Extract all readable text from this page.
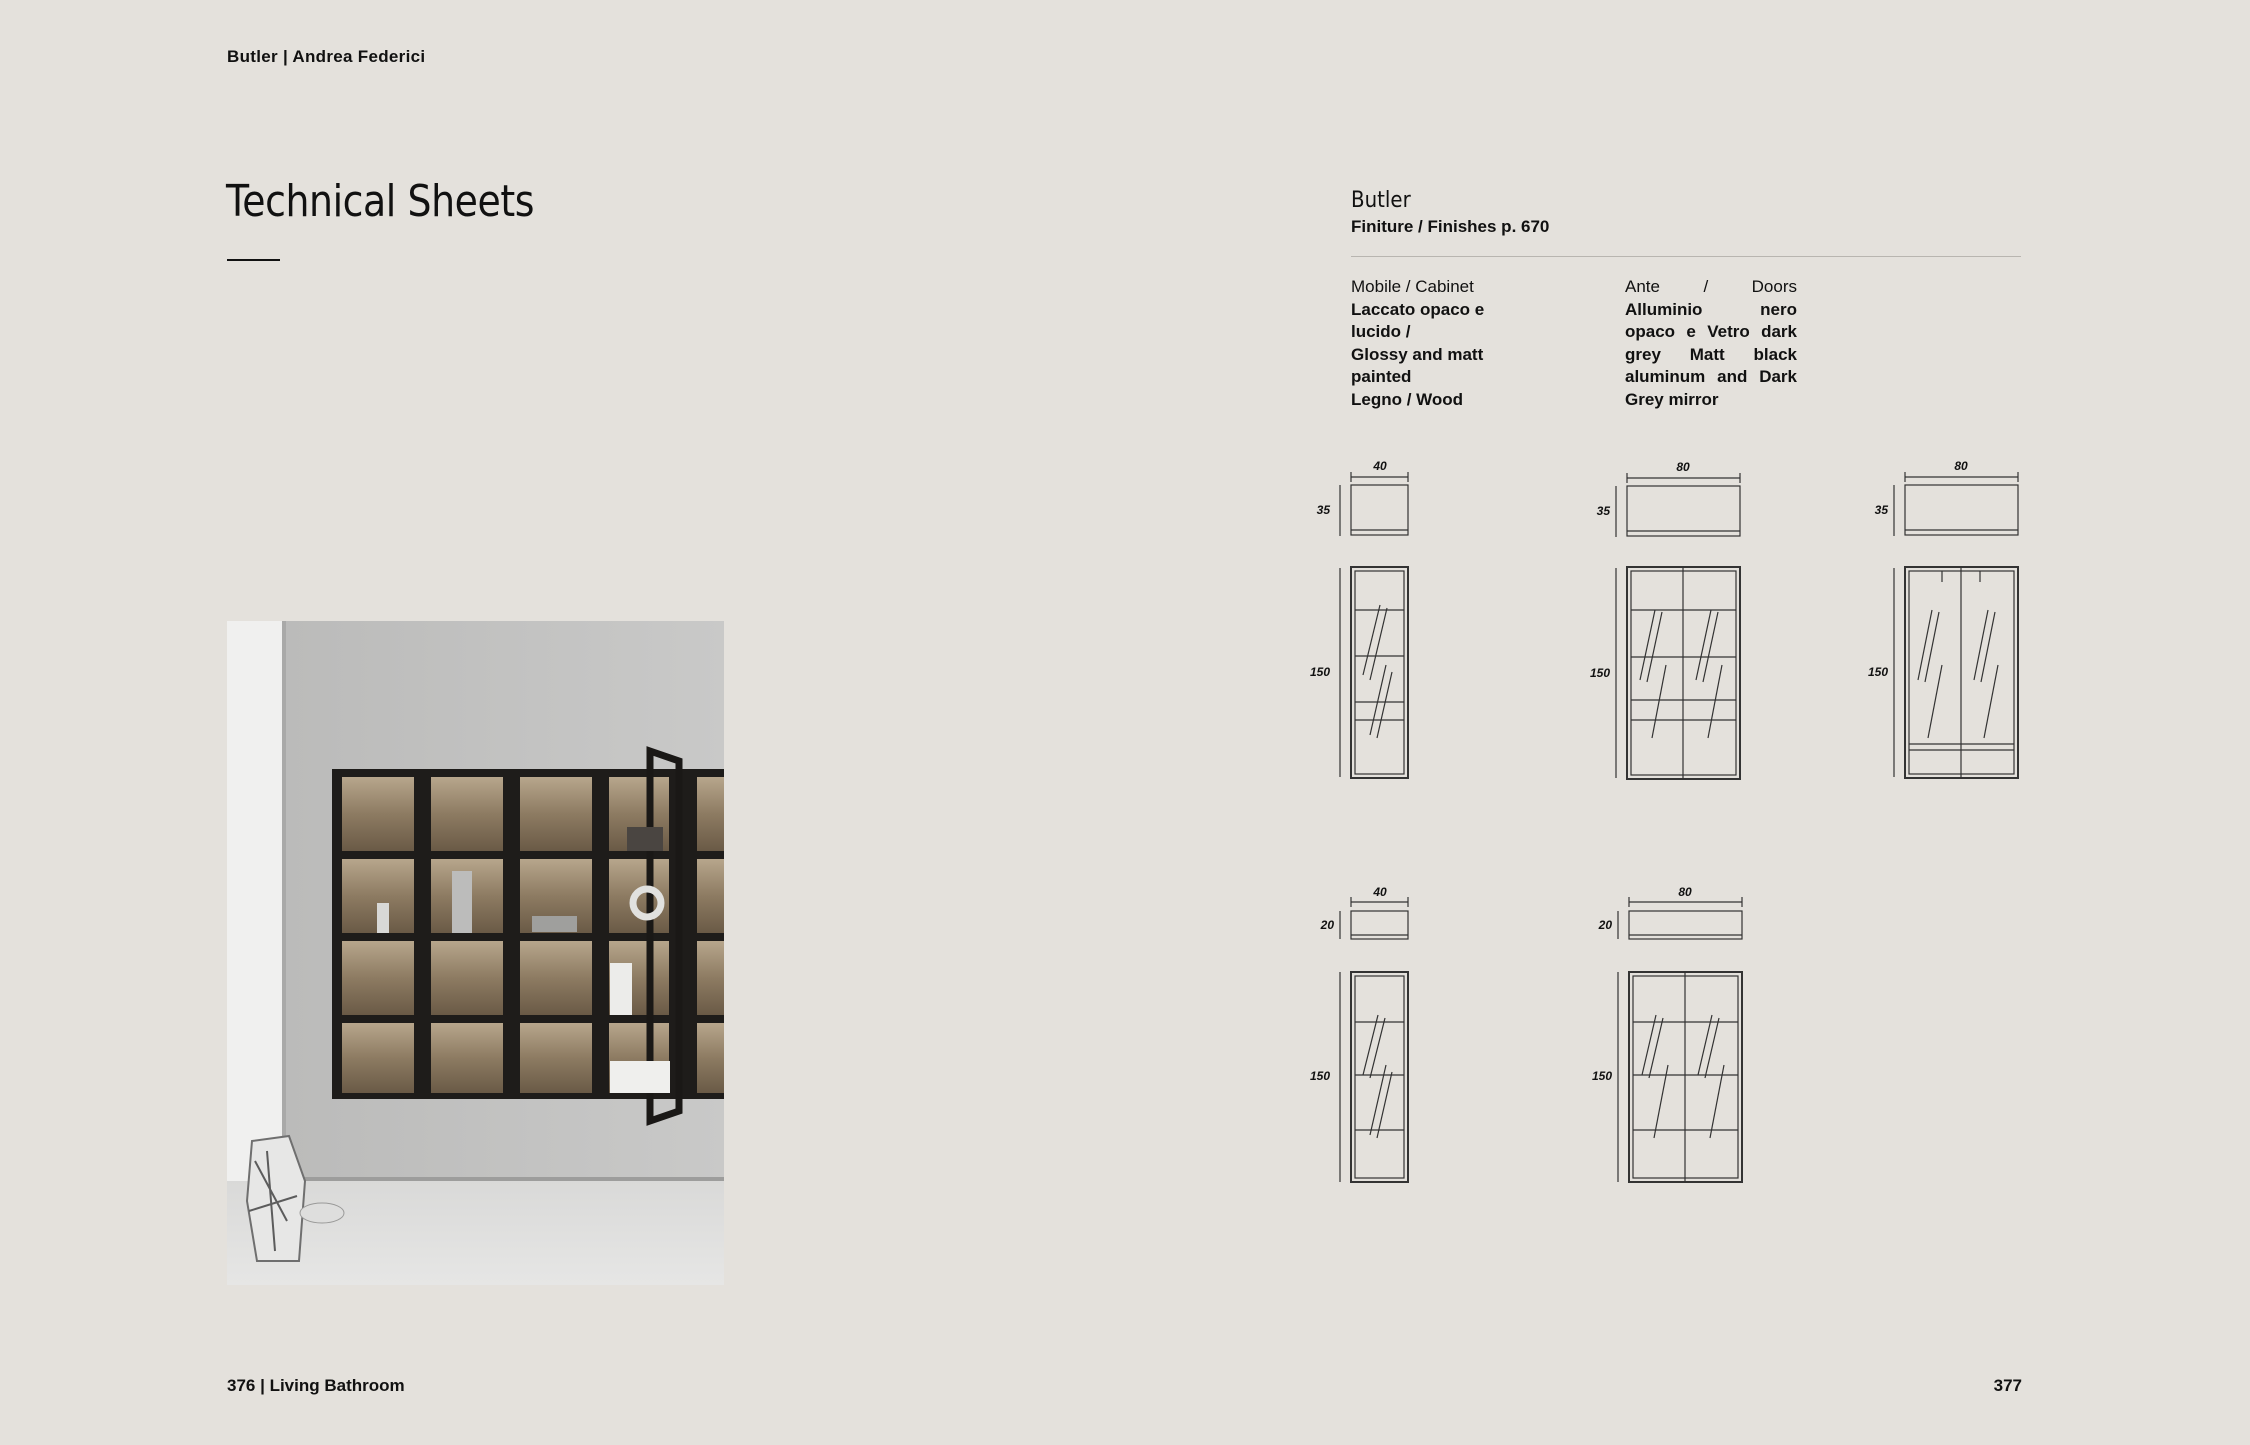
Butler | Andrea Federici
Technical Sheets	Butler
Finiture / Finishes p. 670
Mobile / Cabinet
Laccato opaco e lucido /
Glossy and matt painted
Legno / Wood
Ante / Doors
Alluminio nero opaco e Vetro dark grey Matt black aluminum and Dark Grey mirror
40
35
150
80
35
150
80
35
150
40
20
150
80
20
150
376 | Living Bathroom	377
